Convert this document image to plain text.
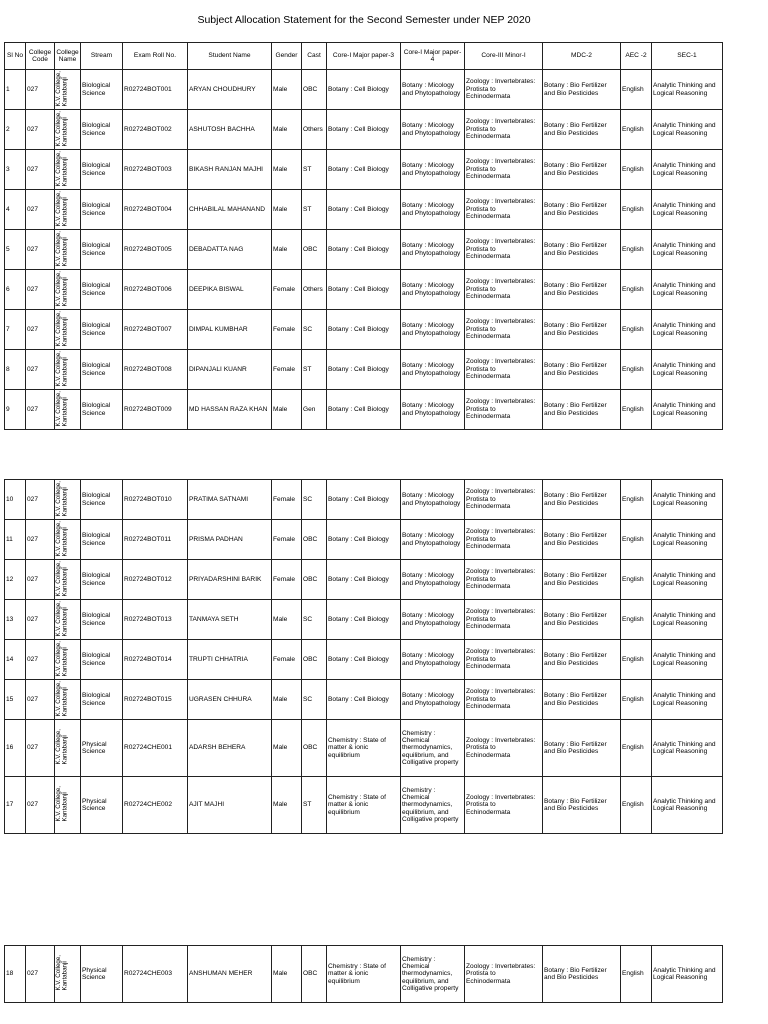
Subject Allocation Statement for the Second Semester under NEP 2020
Sl No	College Code	College Name	Stream	Exam Roll No.	Student Name	Gender	Cast	Core-I Major paper-3	Core-I Major paper-4	Core-III Minor-I	MDC-2	AEC -2	SEC-1
1	027	K.V. College,
Kantabanji	Biological Science	R02724BOT001	ARYAN CHOUDHURY	Male	OBC	Botany : Cell Biology	Botany : Micology and Phytopathology	Zoology : Invertebrates: Protista to Echinodermata	Botany : Bio Fertilizer and Bio Pesticides	English	Analytic Thinking and Logical Reasoning
2	027	K.V. College,
Kantabanji	Biological Science	R02724BOT002	ASHUTOSH BACHHA	Male	Others	Botany : Cell Biology	Botany : Micology and Phytopathology	Zoology : Invertebrates: Protista to Echinodermata	Botany : Bio Fertilizer and Bio Pesticides	English	Analytic Thinking and Logical Reasoning
3	027	K.V. College,
Kantabanji	Biological Science	R02724BOT003	BIKASH RANJAN MAJHI	Male	ST	Botany : Cell Biology	Botany : Micology and Phytopathology	Zoology : Invertebrates: Protista to Echinodermata	Botany : Bio Fertilizer and Bio Pesticides	English	Analytic Thinking and Logical Reasoning
4	027	K.V. College,
Kantabanji	Biological Science	R02724BOT004	CHHABILAL MAHANAND	Male	ST	Botany : Cell Biology	Botany : Micology and Phytopathology	Zoology : Invertebrates: Protista to Echinodermata	Botany : Bio Fertilizer and Bio Pesticides	English	Analytic Thinking and Logical Reasoning
5	027	K.V. College,
Kantabanji	Biological Science	R02724BOT005	DEBADATTA NAG	Male	OBC	Botany : Cell Biology	Botany : Micology and Phytopathology	Zoology : Invertebrates: Protista to Echinodermata	Botany : Bio Fertilizer and Bio Pesticides	English	Analytic Thinking and Logical Reasoning
6	027	K.V. College,
Kantabanji	Biological Science	R02724BOT006	DEEPIKA BISWAL	Female	Others	Botany : Cell Biology	Botany : Micology and Phytopathology	Zoology : Invertebrates: Protista to Echinodermata	Botany : Bio Fertilizer and Bio Pesticides	English	Analytic Thinking and Logical Reasoning
7	027	K.V. College,
Kantabanji	Biological Science	R02724BOT007	DIMPAL KUMBHAR	Female	SC	Botany : Cell Biology	Botany : Micology and Phytopathology	Zoology : Invertebrates: Protista to Echinodermata	Botany : Bio Fertilizer and Bio Pesticides	English	Analytic Thinking and Logical Reasoning
8	027	K.V. College,
Kantabanji	Biological Science	R02724BOT008	DIPANJALI KUANR	Female	ST	Botany : Cell Biology	Botany : Micology and Phytopathology	Zoology : Invertebrates: Protista to Echinodermata	Botany : Bio Fertilizer and Bio Pesticides	English	Analytic Thinking and Logical Reasoning
9	027	K.V. College,
Kantabanji	Biological Science	R02724BOT009	MD HASSAN RAZA KHAN	Male	Gen	Botany : Cell Biology	Botany : Micology and Phytopathology	Zoology : Invertebrates: Protista to Echinodermata	Botany : Bio Fertilizer and Bio Pesticides	English	Analytic Thinking and Logical Reasoning
10	027	K.V. College,
Kantabanji	Biological Science	R02724BOT010	PRATIMA SATNAMI	Female	SC	Botany : Cell Biology	Botany : Micology and Phytopathology	Zoology : Invertebrates: Protista to Echinodermata	Botany : Bio Fertilizer and Bio Pesticides	English	Analytic Thinking and Logical Reasoning
11	027	K.V. College,
Kantabanji	Biological Science	R02724BOT011	PRISMA PADHAN	Female	OBC	Botany : Cell Biology	Botany : Micology and Phytopathology	Zoology : Invertebrates: Protista to Echinodermata	Botany : Bio Fertilizer and Bio Pesticides	English	Analytic Thinking and Logical Reasoning
12	027	K.V. College,
Kantabanji	Biological Science	R02724BOT012	PRIYADARSHINI BARIK	Female	OBC	Botany : Cell Biology	Botany : Micology and Phytopathology	Zoology : Invertebrates: Protista to Echinodermata	Botany : Bio Fertilizer and Bio Pesticides	English	Analytic Thinking and Logical Reasoning
13	027	K.V. College,
Kantabanji	Biological Science	R02724BOT013	TANMAYA SETH	Male	SC	Botany : Cell Biology	Botany : Micology and Phytopathology	Zoology : Invertebrates: Protista to Echinodermata	Botany : Bio Fertilizer and Bio Pesticides	English	Analytic Thinking and Logical Reasoning
14	027	K.V. College,
Kantabanji	Biological Science	R02724BOT014	TRUPTI CHHATRIA	Female	OBC	Botany : Cell Biology	Botany : Micology and Phytopathology	Zoology : Invertebrates: Protista to Echinodermata	Botany : Bio Fertilizer and Bio Pesticides	English	Analytic Thinking and Logical Reasoning
15	027	K.V. College,
Kantabanji	Biological Science	R02724BOT015	UGRASEN CHHURA	Male	SC	Botany : Cell Biology	Botany : Micology and Phytopathology	Zoology : Invertebrates: Protista to Echinodermata	Botany : Bio Fertilizer and Bio Pesticides	English	Analytic Thinking and Logical Reasoning
16	027	K.V. College,
Kantabanji	Physical Science	R02724CHE001	ADARSH BEHERA	Male	OBC	Chemistry : State of matter & ionic equilibrium	Chemistry : Chemical thermodynamics, equilibrium, and Colligative property	Zoology : Invertebrates: Protista to Echinodermata	Botany : Bio Fertilizer and Bio Pesticides	English	Analytic Thinking and Logical Reasoning
17	027	K.V. College,
Kantabanji	Physical Science	R02724CHE002	AJIT MAJHI	Male	ST	Chemistry : State of matter & ionic equilibrium	Chemistry : Chemical thermodynamics, equilibrium, and Colligative property	Zoology : Invertebrates: Protista to Echinodermata	Botany : Bio Fertilizer and Bio Pesticides	English	Analytic Thinking and Logical Reasoning
18	027	K.V. College,
Kantabanji	Physical Science	R02724CHE003	ANSHUMAN MEHER	Male	OBC	Chemistry : State of matter & ionic equilibrium	Chemistry : Chemical thermodynamics, equilibrium, and Colligative property	Zoology : Invertebrates: Protista to Echinodermata	Botany : Bio Fertilizer and Bio Pesticides	English	Analytic Thinking and Logical Reasoning
